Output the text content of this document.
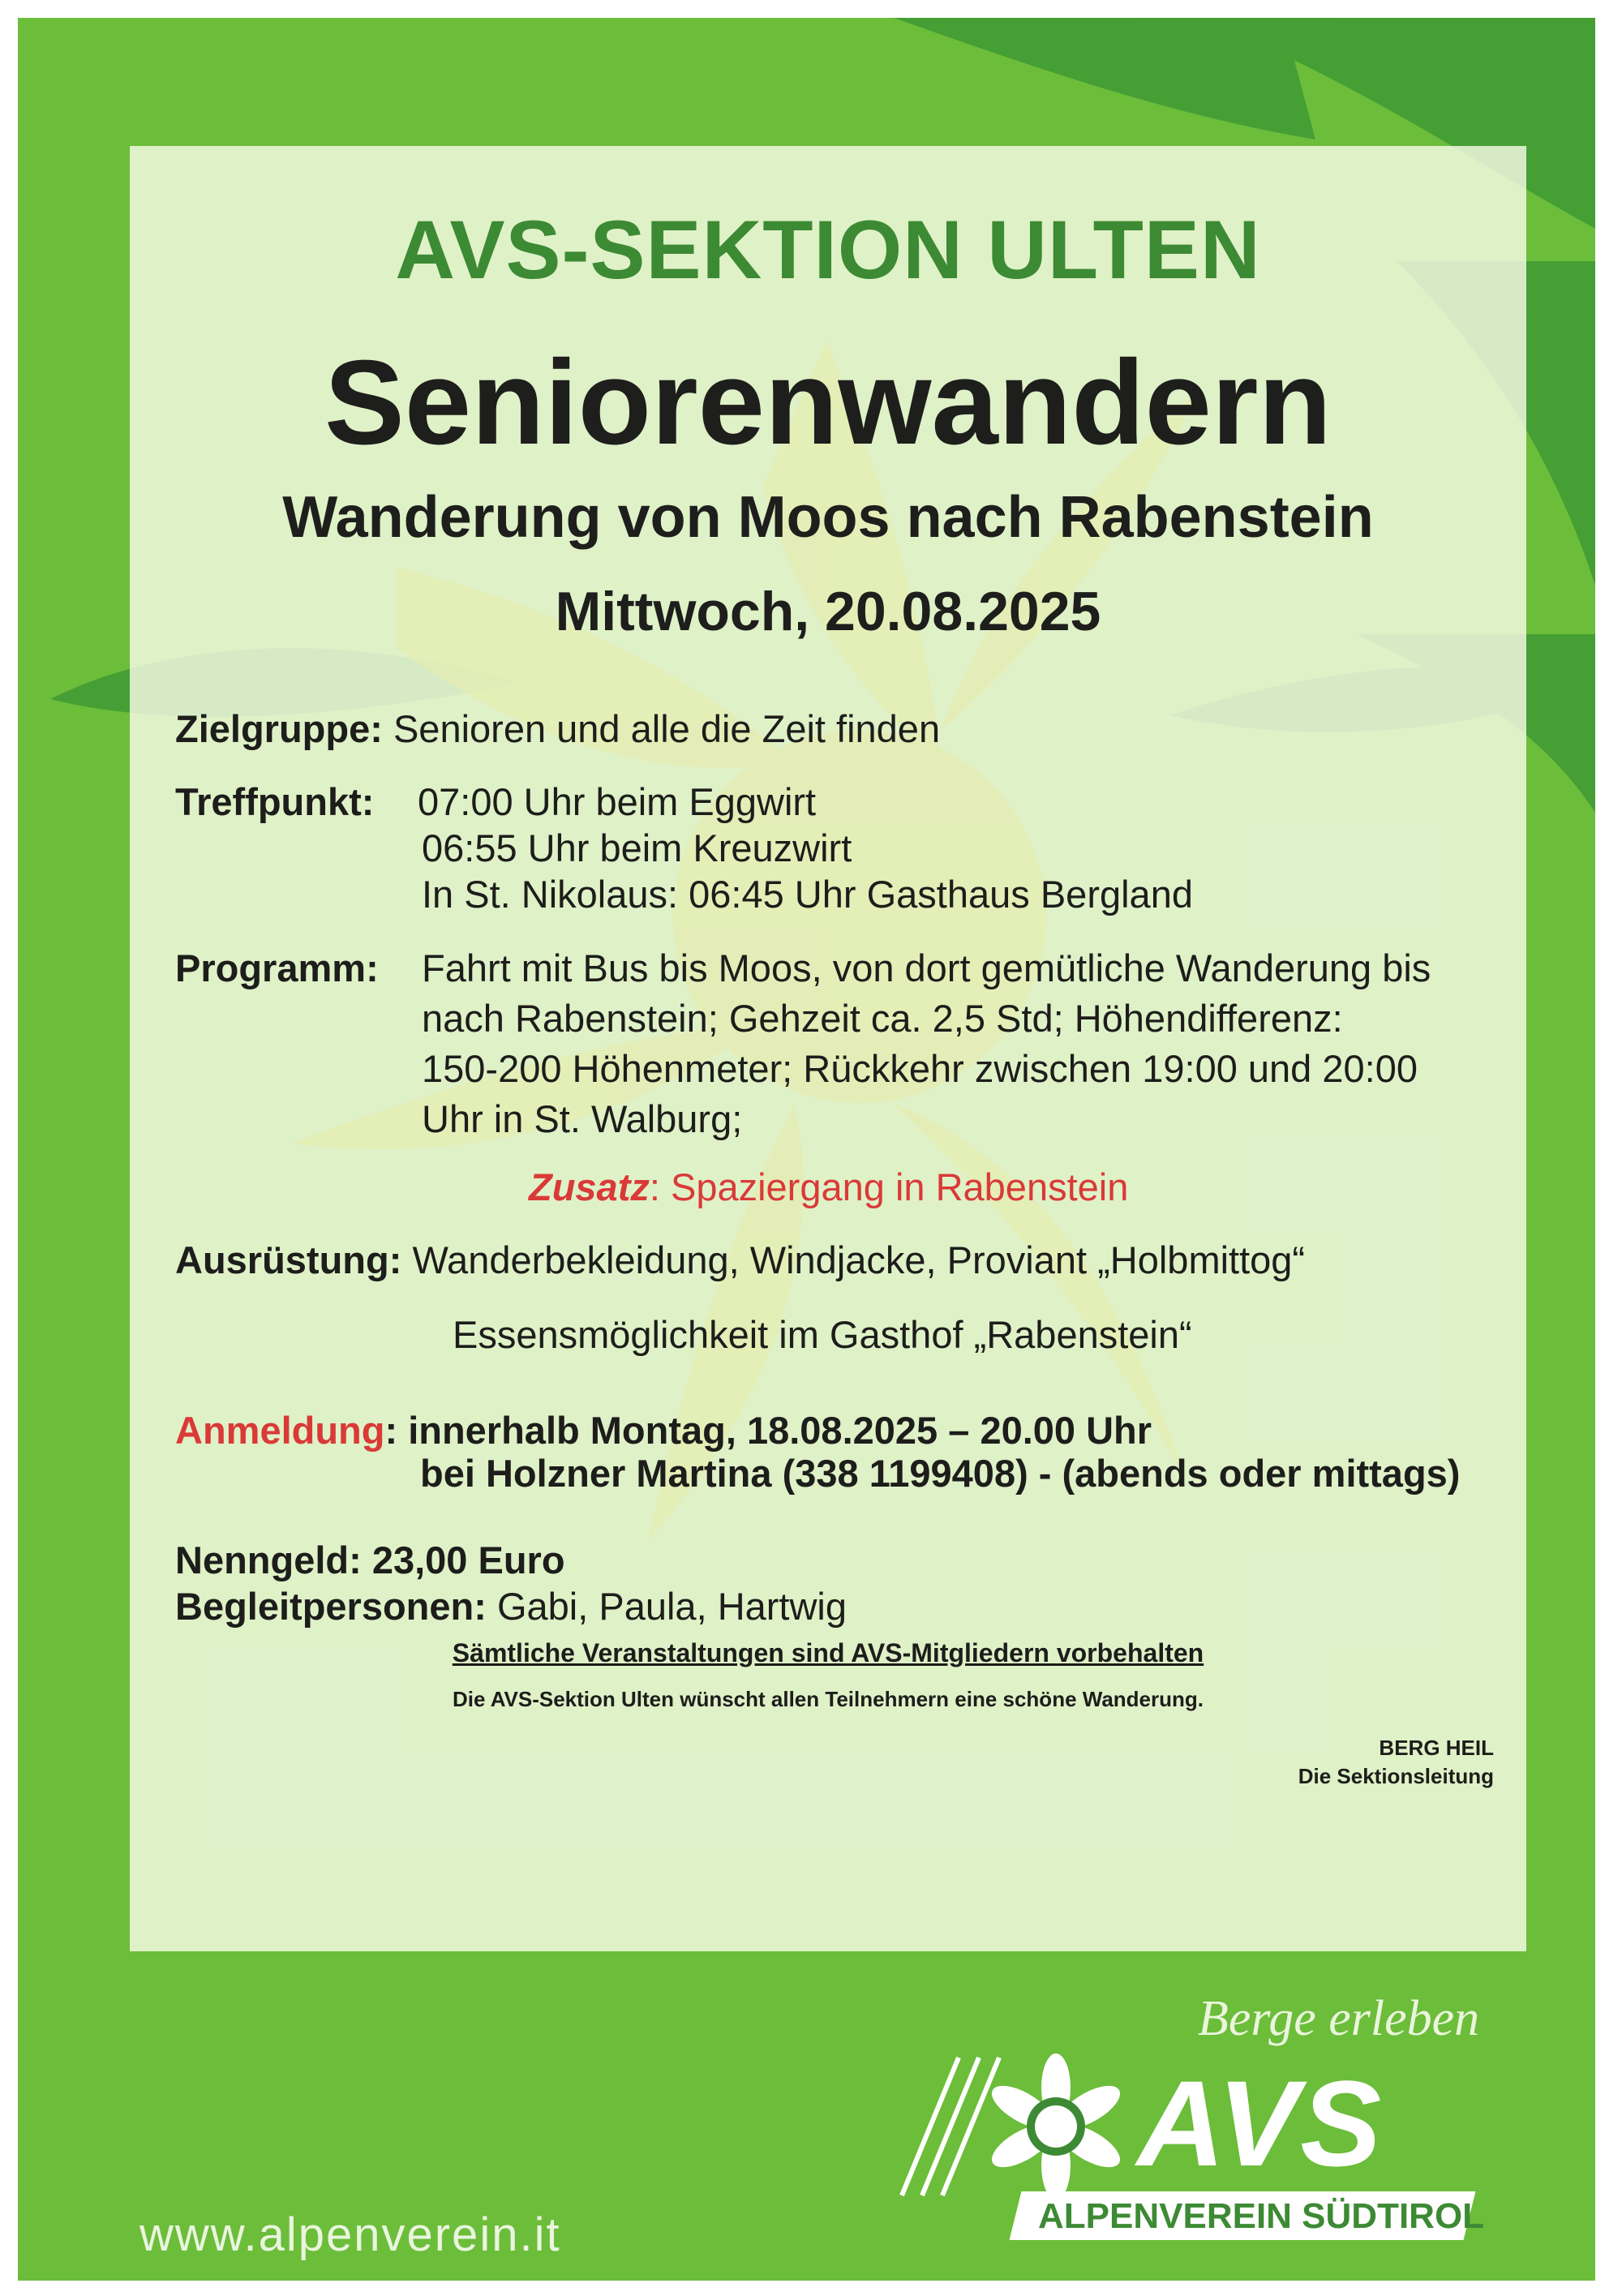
AVS-SEKTION ULTEN
Seniorenwandern
Wanderung von Moos nach Rabenstein
Mittwoch, 20.08.2025
Zielgruppe: Senioren und alle die Zeit finden
Treffpunkt: 07:00 Uhr beim Eggwirt
06:55 Uhr beim Kreuzwirt
In St. Nikolaus: 06:45 Uhr Gasthaus Bergland
Programm: Fahrt mit Bus bis Moos, von dort gemütliche Wanderung bis
nach Rabenstein; Gehzeit ca. 2,5 Std; Höhendifferenz:
150-200 Höhenmeter; Rückkehr zwischen 19:00 und 20:00
Uhr in St. Walburg;
Zusatz: Spaziergang in Rabenstein
Ausrüstung: Wanderbekleidung, Windjacke, Proviant „Holbmittog“
Essensmöglichkeit im Gasthof „Rabenstein“
Anmeldung: innerhalb Montag, 18.08.2025 – 20.00 Uhr
bei Holzner Martina (338 1199408) - (abends oder mittags)
Nenngeld: 23,00 Euro
Begleitpersonen: Gabi, Paula, Hartwig
Sämtliche Veranstaltungen sind AVS-Mitgliedern vorbehalten
Die AVS-Sektion Ulten wünscht allen Teilnehmern eine schöne Wanderung.
BERG HEIL
Die Sektionsleitung
Berge erleben
AVS
ALPENVEREIN SÜDTIROL
www.alpenverein.it
